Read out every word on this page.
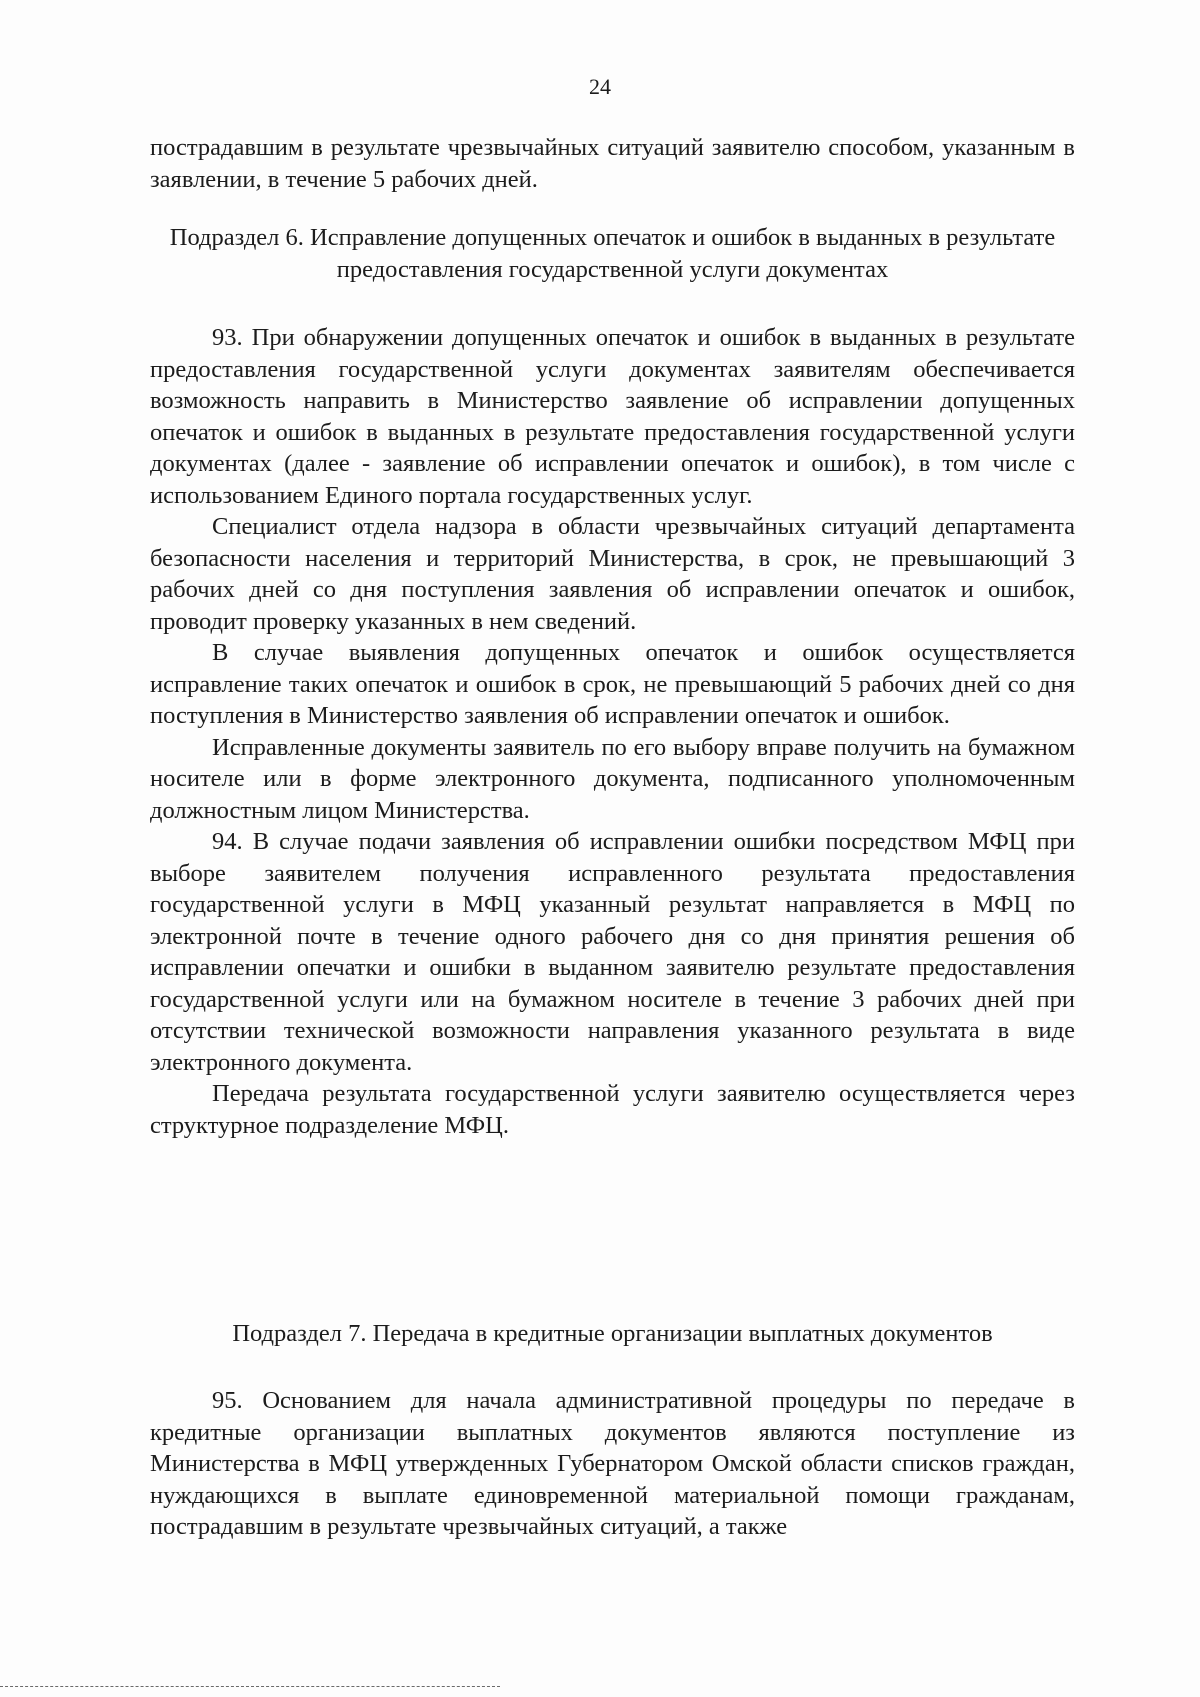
24

пострадавшим в результате чрезвычайных ситуаций заявителю способом, указанным в заявлении, в течение 5 рабочих дней.

Подраздел 6. Исправление допущенных опечаток и ошибок в выданных в результате предоставления государственной услуги документах

93. При обнаружении допущенных опечаток и ошибок в выданных в результате предоставления государственной услуги документах заявителям обеспечивается возможность направить в Министерство заявление об исправлении допущенных опечаток и ошибок в выданных в результате предоставления государственной услуги документах (далее - заявление об исправлении опечаток и ошибок), в том числе с использованием Единого портала государственных услуг.

Специалист отдела надзора в области чрезвычайных ситуаций департамента безопасности населения и территорий Министерства, в срок, не превышающий 3 рабочих дней со дня поступления заявления об исправлении опечаток и ошибок, проводит проверку указанных в нем сведений.

В случае выявления допущенных опечаток и ошибок осуществляется исправление таких опечаток и ошибок в срок, не превышающий 5 рабочих дней со дня поступления в Министерство заявления об исправлении опечаток и ошибок.

Исправленные документы заявитель по его выбору вправе получить на бумажном носителе или в форме электронного документа, подписанного уполномоченным должностным лицом Министерства.

94. В случае подачи заявления об исправлении ошибки посредством МФЦ при выборе заявителем получения исправленного результата предоставления государственной услуги в МФЦ указанный результат направляется в МФЦ по электронной почте в течение одного рабочего дня со дня принятия решения об исправлении опечатки и ошибки в выданном заявителю результате предоставления государственной услуги или на бумажном носителе в течение 3 рабочих дней при отсутствии технической возможности направления указанного результата в виде электронного документа.

Передача результата государственной услуги заявителю осуществляется через структурное подразделение МФЦ.

Подраздел 7. Передача в кредитные организации выплатных документов

95. Основанием для начала административной процедуры по передаче в кредитные организации выплатных документов являются поступление из Министерства в МФЦ утвержденных Губернатором Омской области списков граждан, нуждающихся в выплате единовременной материальной помощи гражданам, пострадавшим в результате чрезвычайных ситуаций, а также
